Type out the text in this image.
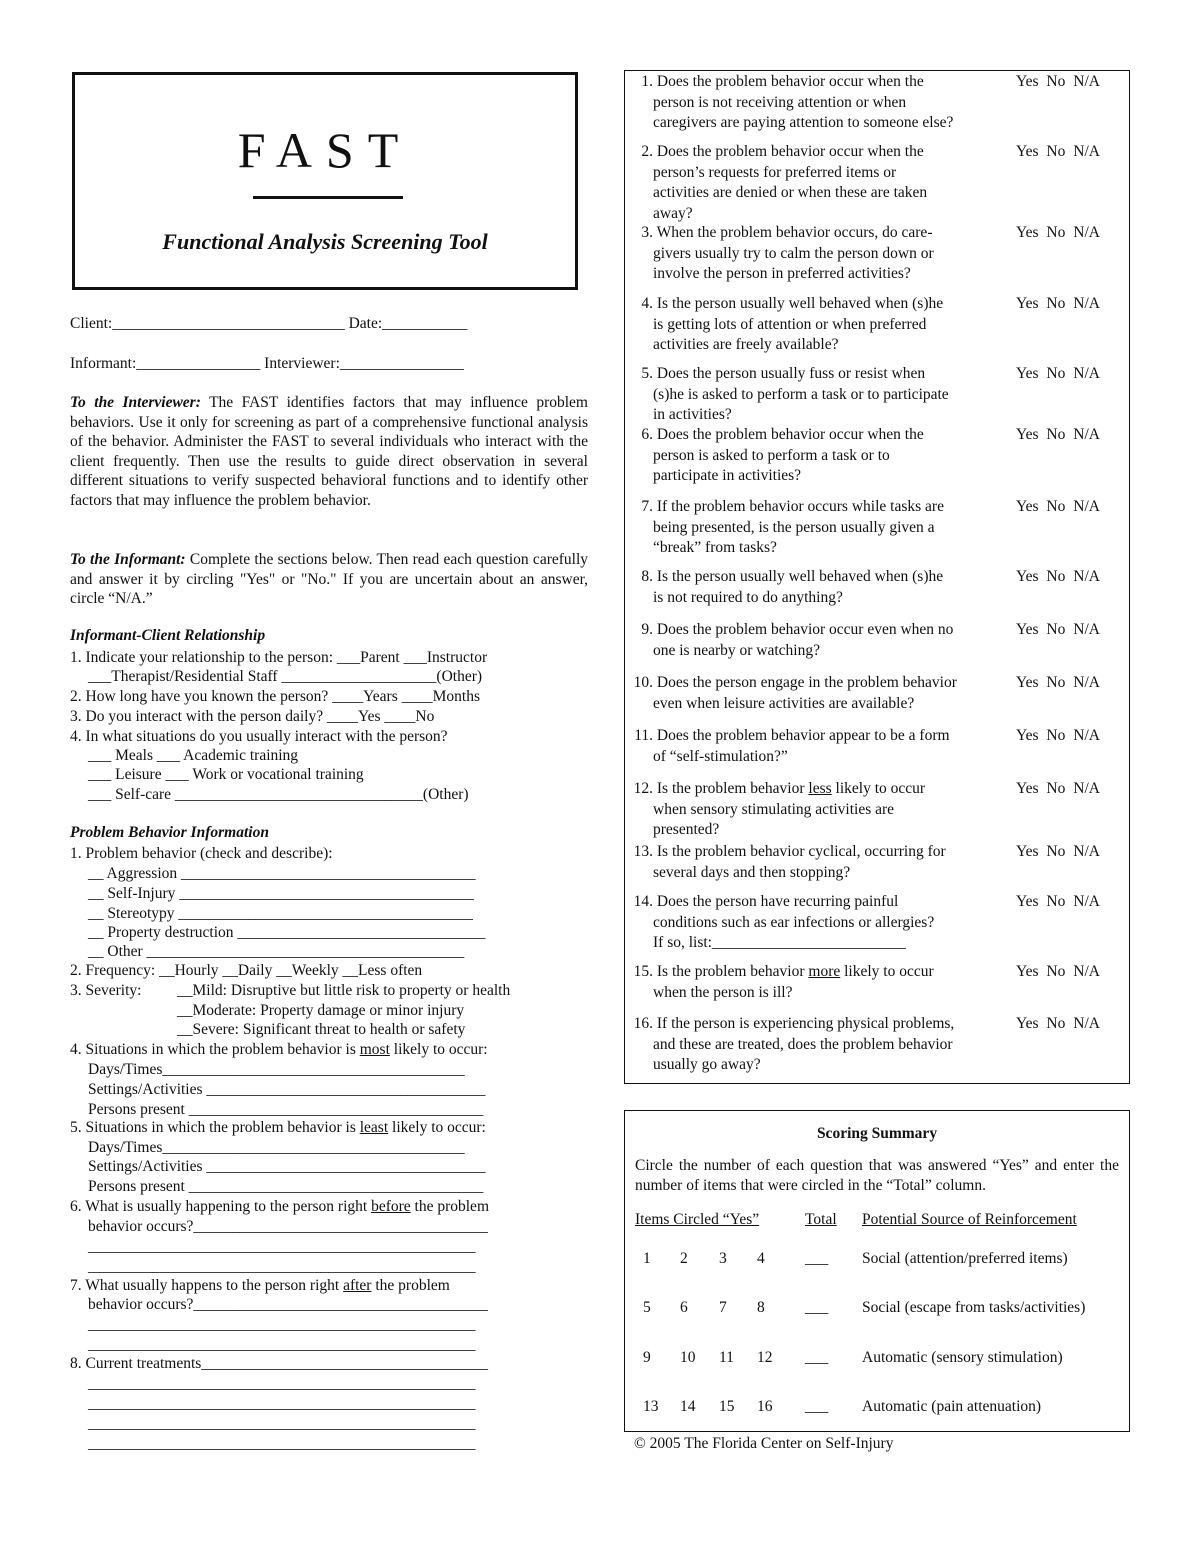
FAST
Functional Analysis Screening Tool
Client:______________________________ Date:___________
Informant:________________ Interviewer:________________
To the Interviewer: The FAST identifies factors that may influence problem behaviors. Use it only for screening as part of a comprehensive functional analysis of the behavior. Administer the FAST to several individuals who interact with the client frequently. Then use the results to guide direct observation in several different situations to verify suspected behavioral functions and to identify other factors that may influence the problem behavior.
To the Informant: Complete the sections below. Then read each question carefully and answer it by circling "Yes" or "No." If you are uncertain about an answer, circle “N/A.”
Informant-Client Relationship
1. Indicate your relationship to the person: ___Parent ___Instructor
___Therapist/Residential Staff ____________________(Other)
2. How long have you known the person? ____Years ____Months
3. Do you interact with the person daily? ____Yes ____No
4. In what situations do you usually interact with the person?
___ Meals ___ Academic training
___ Leisure ___ Work or vocational training
___ Self-care ________________________________(Other)
Problem Behavior Information
1. Problem behavior (check and describe):
__ Aggression ______________________________________
__ Self-Injury ______________________________________
__ Stereotypy ______________________________________
__ Property destruction ________________________________
__ Other _________________________________________
2. Frequency: __Hourly __Daily __Weekly __Less often
3. Severity: __Mild: Disruptive but little risk to property or health
__Moderate: Property damage or minor injury
__Severe: Significant threat to health or safety
4. Situations in which the problem behavior is most likely to occur:
Days/Times_______________________________________
Settings/Activities ____________________________________
Persons present ______________________________________
5. Situations in which the problem behavior is least likely to occur:
Days/Times_______________________________________
Settings/Activities ____________________________________
Persons present ______________________________________
6. What is usually happening to the person right before the problem
behavior occurs?______________________________________
__________________________________________________
__________________________________________________
7. What usually happens to the person right after the problem
behavior occurs?______________________________________
__________________________________________________
__________________________________________________
8. Current treatments_____________________________________
__________________________________________________
__________________________________________________
__________________________________________________
__________________________________________________
1. Does the problem behavior occur when the
person is not receiving attention or when
caregivers are paying attention to someone else?
Yes No N/A
2. Does the problem behavior occur when the
person’s requests for preferred items or
activities are denied or when these are taken
away?
Yes No N/A
3. When the problem behavior occurs, do care-
givers usually try to calm the person down or
involve the person in preferred activities?
Yes No N/A
4. Is the person usually well behaved when (s)he
is getting lots of attention or when preferred
activities are freely available?
Yes No N/A
5. Does the person usually fuss or resist when
(s)he is asked to perform a task or to participate
in activities?
Yes No N/A
6. Does the problem behavior occur when the
person is asked to perform a task or to
participate in activities?
Yes No N/A
7. If the problem behavior occurs while tasks are
being presented, is the person usually given a
“break” from tasks?
Yes No N/A
8. Is the person usually well behaved when (s)he
is not required to do anything?
Yes No N/A
9. Does the problem behavior occur even when no
one is nearby or watching?
Yes No N/A
10. Does the person engage in the problem behavior
even when leisure activities are available?
Yes No N/A
11. Does the problem behavior appear to be a form
of “self-stimulation?”
Yes No N/A
12. Is the problem behavior less likely to occur
when sensory stimulating activities are
presented?
Yes No N/A
13. Is the problem behavior cyclical, occurring for
several days and then stopping?
Yes No N/A
14. Does the person have recurring painful
conditions such as ear infections or allergies?
If so, list:_________________________
Yes No N/A
15. Is the problem behavior more likely to occur
when the person is ill?
Yes No N/A
16. If the person is experiencing physical problems,
and these are treated, does the problem behavior
usually go away?
Yes No N/A
Scoring Summary
Circle the number of each question that was answered “Yes” and enter the number of items that were circled in the “Total” column.
Items Circled “Yes”	Total Potential Source of Reinforcement
1 2 3 4	___ Social (attention/preferred items)
5 6 7 8	___ Social (escape from tasks/activities)
9 10 11 12 ___ Automatic (sensory stimulation)
13 14 15 16 ___ Automatic (pain attenuation)
© 2005 The Florida Center on Self-Injury
